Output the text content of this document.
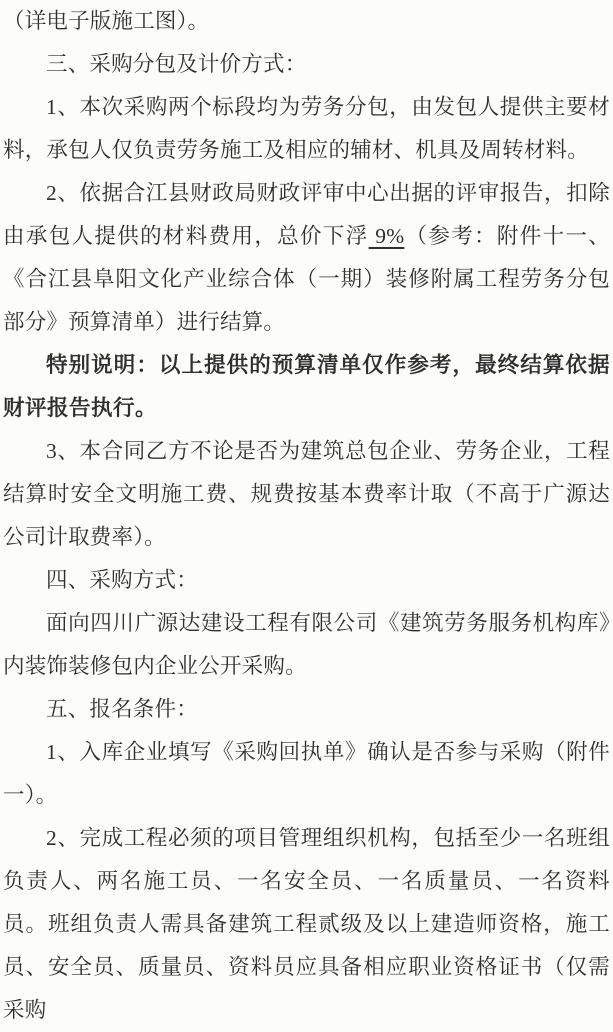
（详电子版施工图）。

三、采购分包及计价方式：

1、本次采购两个标段均为劳务分包，由发包人提供主要材料，承包人仅负责劳务施工及相应的辅材、机具及周转材料。

2、依据合江县财政局财政评审中心出据的评审报告，扣除由承包人提供的材料费用，总价下浮 9%（参考：附件十一、《合江县阜阳文化产业综合体（一期）装修附属工程劳务分包部分》预算清单）进行结算。

特别说明：以上提供的预算清单仅作参考，最终结算依据财评报告执行。

3、本合同乙方不论是否为建筑总包企业、劳务企业，工程结算时安全文明施工费、规费按基本费率计取（不高于广源达公司计取费率）。

四、采购方式：

面向四川广源达建设工程有限公司《建筑劳务服务机构库》内装饰装修包内企业公开采购。

五、报名条件：

1、入库企业填写《采购回执单》确认是否参与采购（附件一）。

2、完成工程必须的项目管理组织机构，包括至少一名班组负责人、两名施工员、一名安全员、一名质量员、一名资料员。班组负责人需具备建筑工程贰级及以上建造师资格，施工员、安全员、质量员、资料员应具备相应职业资格证书（仅需采购
